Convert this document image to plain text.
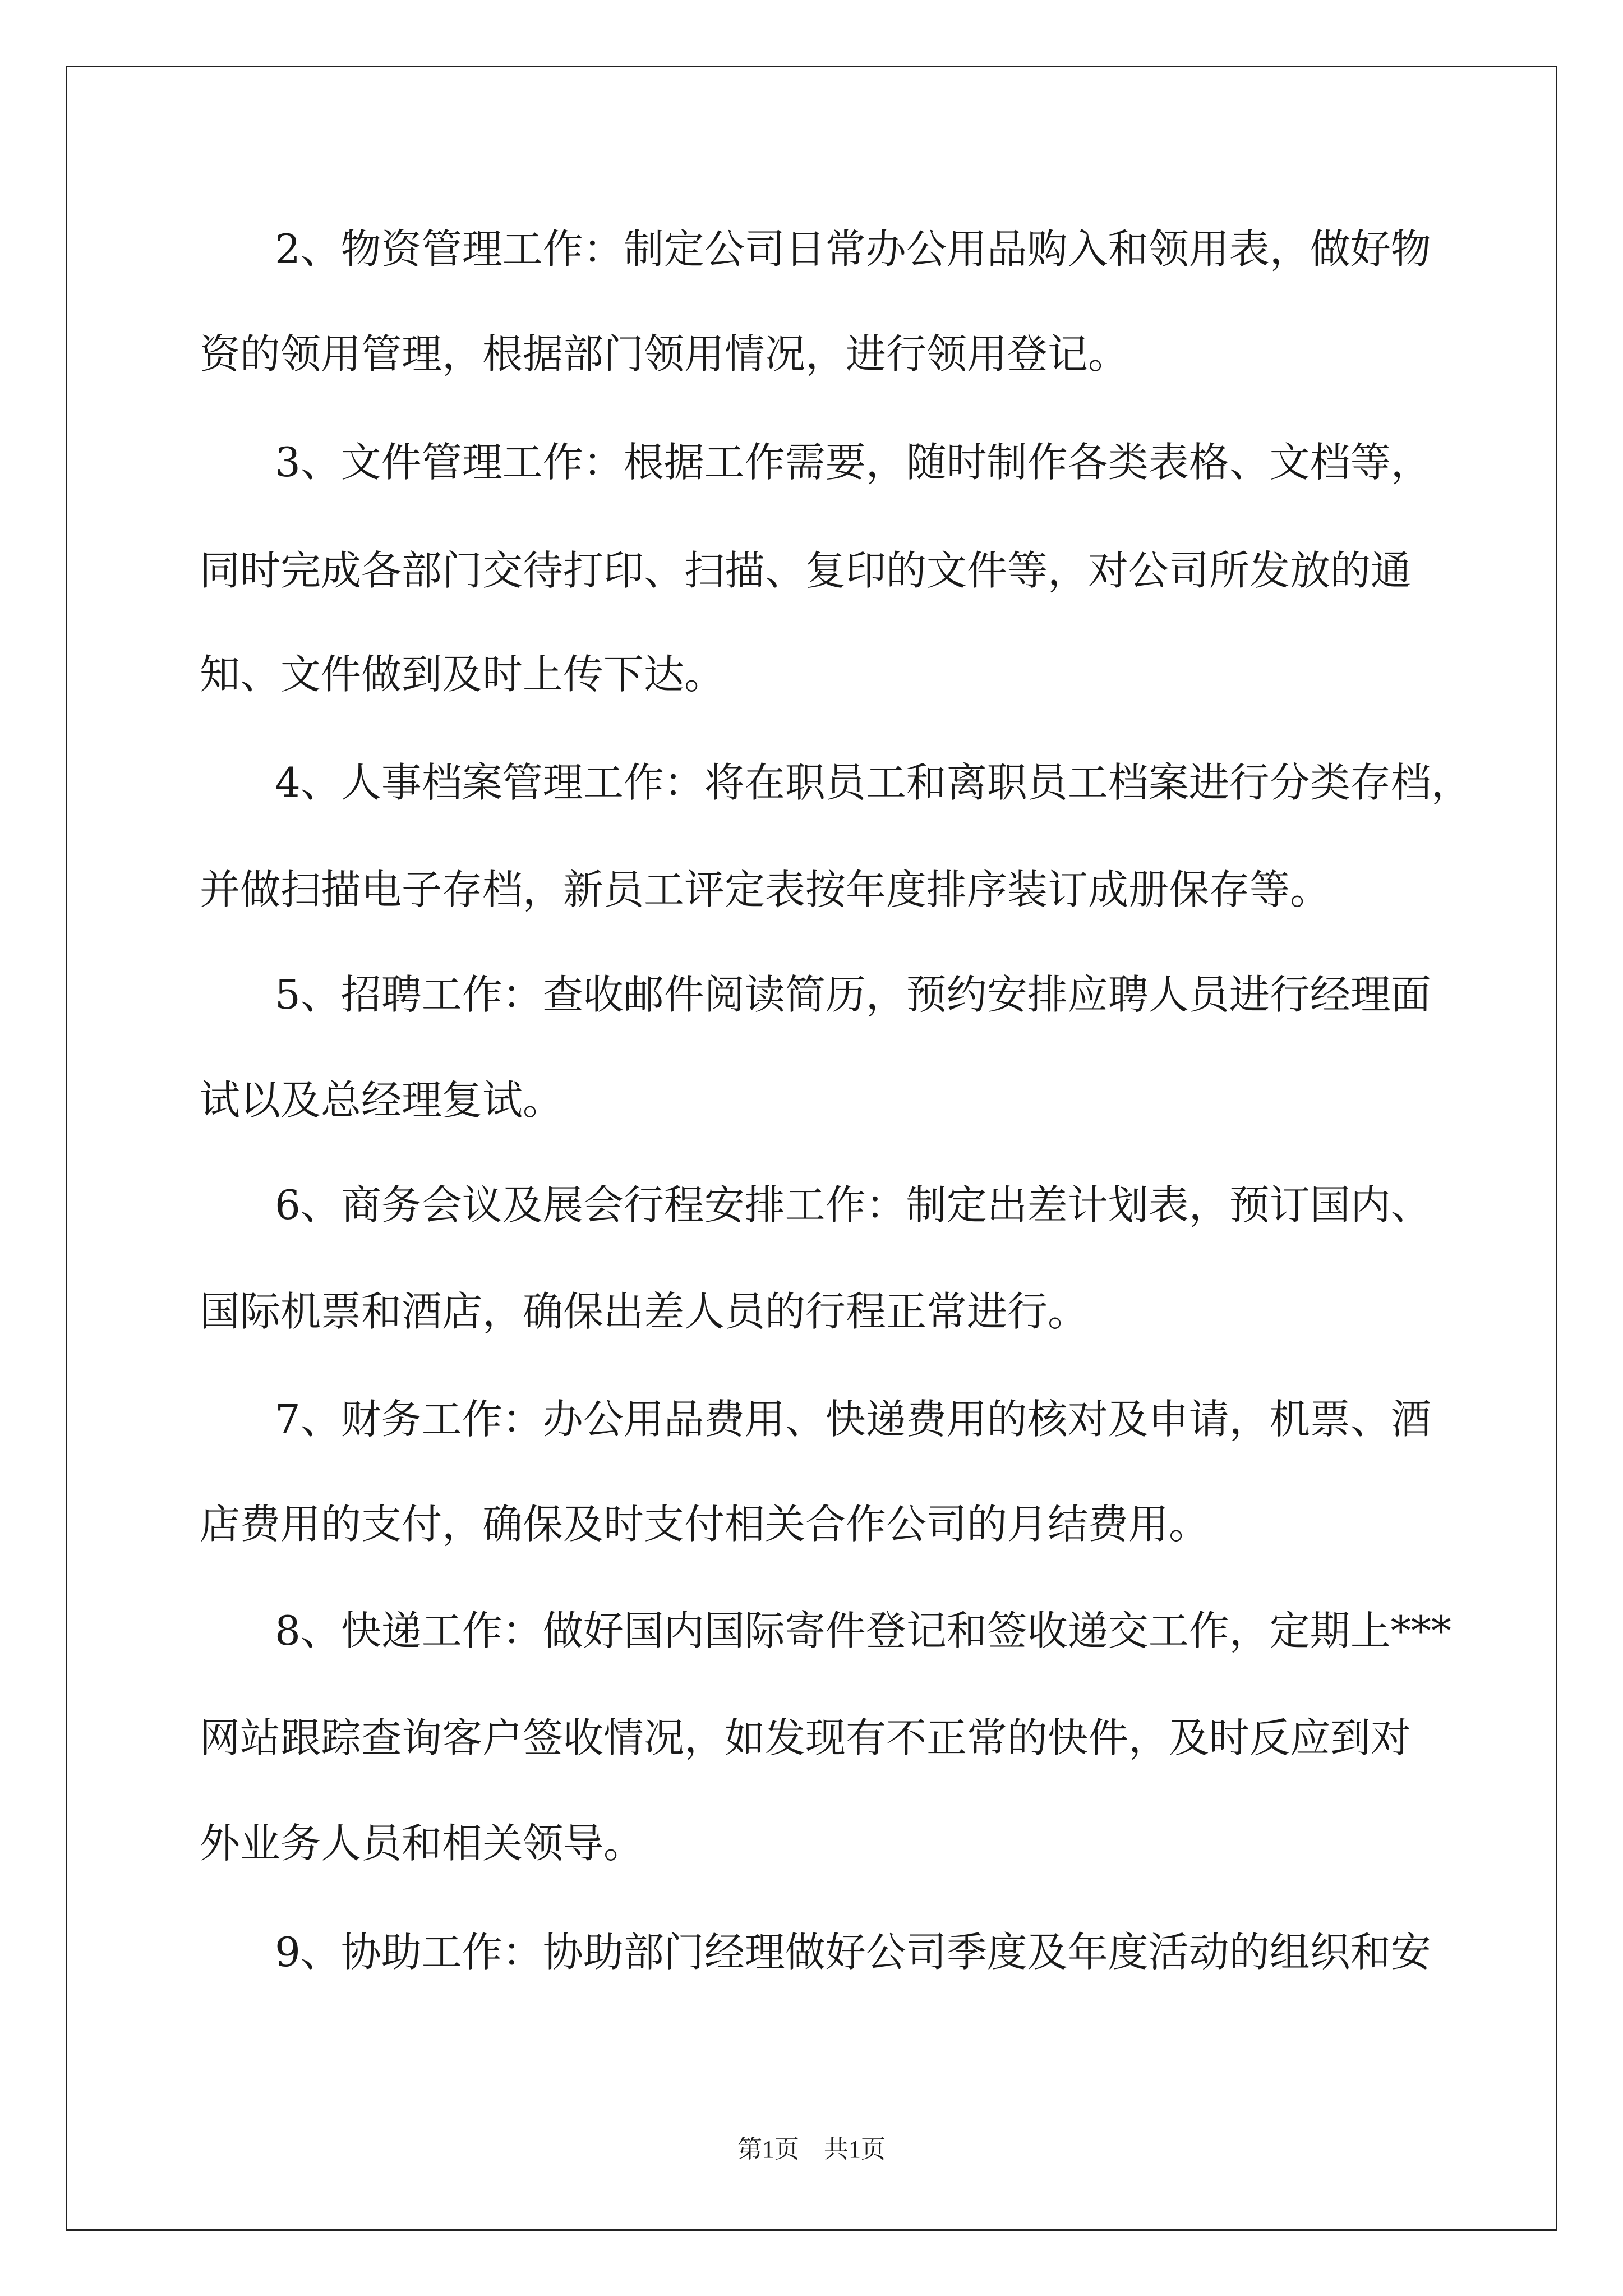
2、物资管理工作：制定公司日常办公用品购入和领用表，做好物
资的领用管理，根据部门领用情况，进行领用登记。
3、文件管理工作：根据工作需要，随时制作各类表格、文档等，
同时完成各部门交待打印、扫描、复印的文件等，对公司所发放的通
知、文件做到及时上传下达。
4、人事档案管理工作：将在职员工和离职员工档案进行分类存档，
并做扫描电子存档，新员工评定表按年度排序装订成册保存等。
5、招聘工作：查收邮件阅读简历，预约安排应聘人员进行经理面
试以及总经理复试。
6、商务会议及展会行程安排工作：制定出差计划表，预订国内、
国际机票和酒店，确保出差人员的行程正常进行。
7、财务工作：办公用品费用、快递费用的核对及申请，机票、酒
店费用的支付，确保及时支付相关合作公司的月结费用。
8、快递工作：做好国内国际寄件登记和签收递交工作，定期上***
网站跟踪查询客户签收情况，如发现有不正常的快件，及时反应到对
外业务人员和相关领导。
9、协助工作：协助部门经理做好公司季度及年度活动的组织和安
第1页　共1页
